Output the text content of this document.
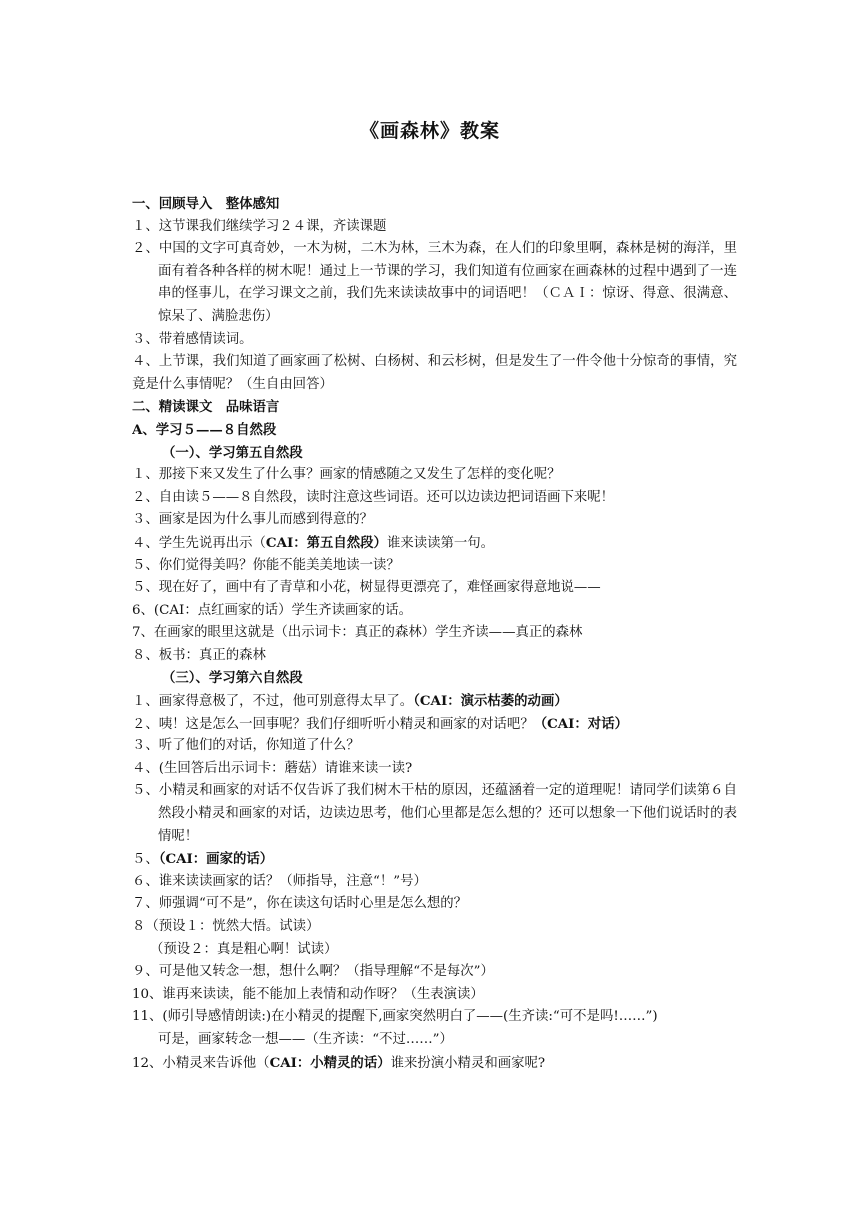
《画森林》教案
一、回顾导入　整体感知
１、这节课我们继续学习２４课，齐读课题
２、中国的文字可真奇妙，一木为树，二木为林，三木为森，在人们的印象里啊，森林是树的海洋，里面有着各种各样的树木呢！通过上一节课的学习，我们知道有位画家在画森林的过程中遇到了一连串的怪事儿，在学习课文之前，我们先来读读故事中的词语吧！（ＣＡＩ：惊讶、得意、很满意、惊呆了、满脸悲伤）
３、带着感情读词。
４、上节课，我们知道了画家画了松树、白杨树、和云杉树，但是发生了一件令他十分惊奇的事情，究竟是什么事情呢？（生自由回答）
二、精读课文　品味语言
A、学习５——８自然段
（一）、学习第五自然段
１、那接下来又发生了什么事？画家的情感随之又发生了怎样的变化呢？
２、自由读５——８自然段，读时注意这些词语。还可以边读边把词语画下来呢！
３、画家是因为什么事儿而感到得意的？
４、学生先说再出示（CAI：第五自然段）谁来读读第一句。
５、你们觉得美吗？你能不能美美地读一读？
５、现在好了，画中有了青草和小花，树显得更漂亮了，难怪画家得意地说——
6、(CAI：点红画家的话）学生齐读画家的话。
7、在画家的眼里这就是（出示词卡：真正的森林）学生齐读——真正的森林
８、板书：真正的森林
（三）、学习第六自然段
１、画家得意极了，不过，他可别意得太早了。（CAI：演示枯萎的动画）
２、咦！这是怎么一回事呢？我们仔细听听小精灵和画家的对话吧？（CAI：对话）
３、听了他们的对话，你知道了什么？
４、(生回答后出示词卡：蘑菇）请谁来读一读?
５、小精灵和画家的对话不仅告诉了我们树木干枯的原因，还蕴涵着一定的道理呢！请同学们读第６自然段小精灵和画家的对话，边读边思考，他们心里都是怎么想的？还可以想象一下他们说话时的表情呢！
５、（CAI：画家的话）
６、谁来读读画家的话？（师指导，注意“！”号）
７、师强调“可不是”，你在读这句话时心里是怎么想的？
８（预设１：恍然大悟。试读）
（预设２：真是粗心啊！试读）
９、可是他又转念一想，想什么啊？（指导理解“不是每次”）
10、谁再来读读，能不能加上表情和动作呀？（生表演读）
11、(师引导感情朗读:)在小精灵的提醒下,画家突然明白了——(生齐读:“可不是吗!……”)
可是，画家转念一想——（生齐读：“不过……”）
12、小精灵来告诉他（CAI：小精灵的话）谁来扮演小精灵和画家呢?
